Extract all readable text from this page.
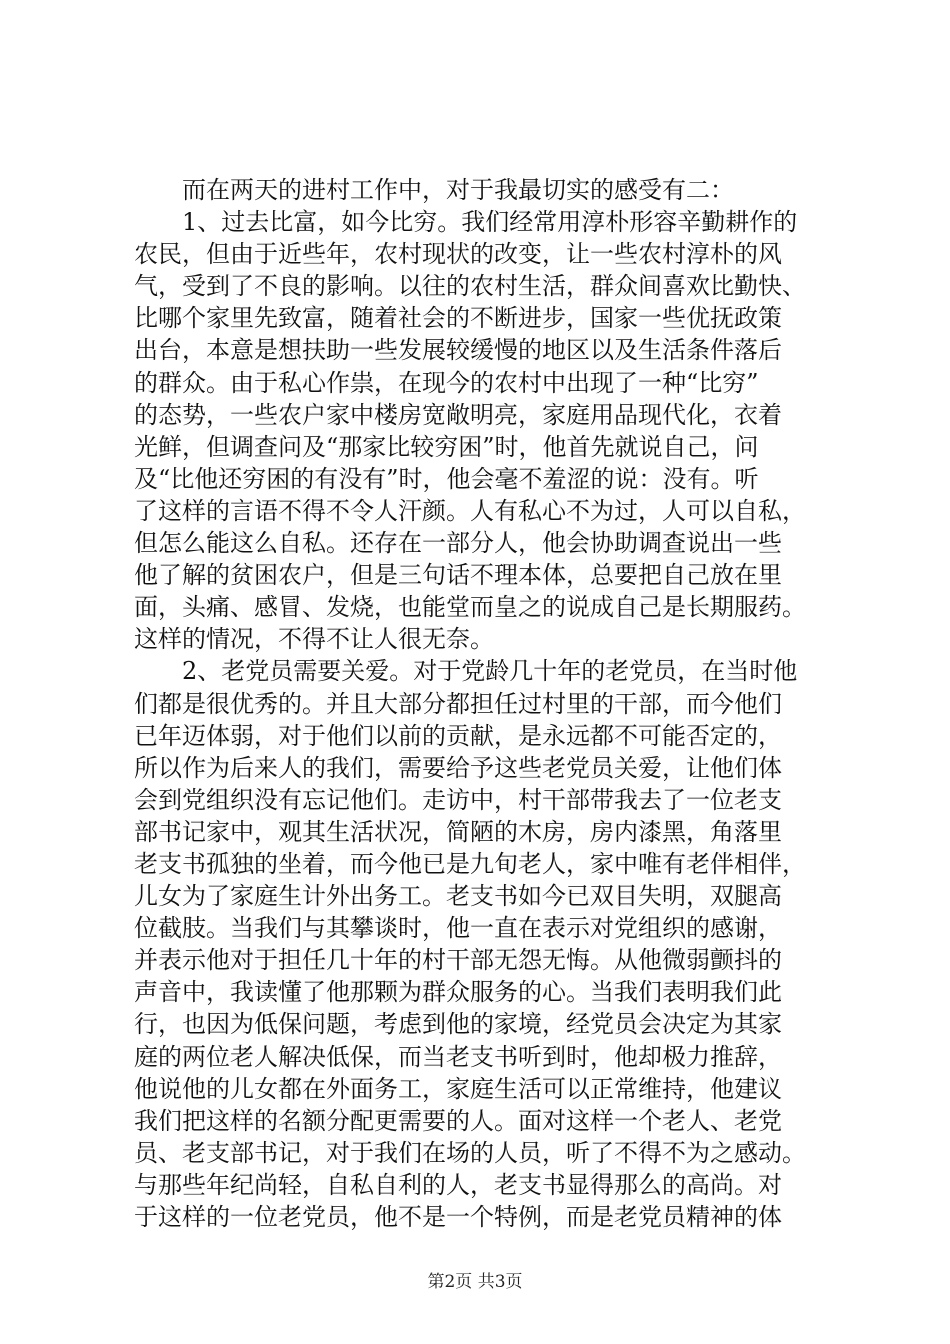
而在两天的进村工作中，对于我最切实的感受有二：
1、过去比富，如今比穷。我们经常用淳朴形容辛勤耕作的
农民，但由于近些年，农村现状的改变，让一些农村淳朴的风
气，受到了不良的影响。以往的农村生活，群众间喜欢比勤快、
比哪个家里先致富，随着社会的不断进步，国家一些优抚政策
出台，本意是想扶助一些发展较缓慢的地区以及生活条件落后
的群众。由于私心作祟，在现今的农村中出现了一种“比穷”
的态势，一些农户家中楼房宽敞明亮，家庭用品现代化，衣着
光鲜，但调查问及“那家比较穷困”时，他首先就说自己，问
及“比他还穷困的有没有”时，他会毫不羞涩的说：没有。听
了这样的言语不得不令人汗颜。人有私心不为过，人可以自私，
但怎么能这么自私。还存在一部分人，他会协助调查说出一些
他了解的贫困农户，但是三句话不理本体，总要把自己放在里
面，头痛、感冒、发烧，也能堂而皇之的说成自己是长期服药。
这样的情况，不得不让人很无奈。
2、老党员需要关爱。对于党龄几十年的老党员，在当时他
们都是很优秀的。并且大部分都担任过村里的干部，而今他们
已年迈体弱，对于他们以前的贡献，是永远都不可能否定的，
所以作为后来人的我们，需要给予这些老党员关爱，让他们体
会到党组织没有忘记他们。走访中，村干部带我去了一位老支
部书记家中，观其生活状况，简陋的木房，房内漆黑，角落里
老支书孤独的坐着，而今他已是九旬老人，家中唯有老伴相伴，
儿女为了家庭生计外出务工。老支书如今已双目失明，双腿高
位截肢。当我们与其攀谈时，他一直在表示对党组织的感谢，
并表示他对于担任几十年的村干部无怨无悔。从他微弱颤抖的
声音中，我读懂了他那颗为群众服务的心。当我们表明我们此
行，也因为低保问题，考虑到他的家境，经党员会决定为其家
庭的两位老人解决低保，而当老支书听到时，他却极力推辞，
他说他的儿女都在外面务工，家庭生活可以正常维持，他建议
我们把这样的名额分配更需要的人。面对这样一个老人、老党
员、老支部书记，对于我们在场的人员，听了不得不为之感动。
与那些年纪尚轻，自私自利的人，老支书显得那么的高尚。对
于这样的一位老党员，他不是一个特例，而是老党员精神的体
第2页 共3页
